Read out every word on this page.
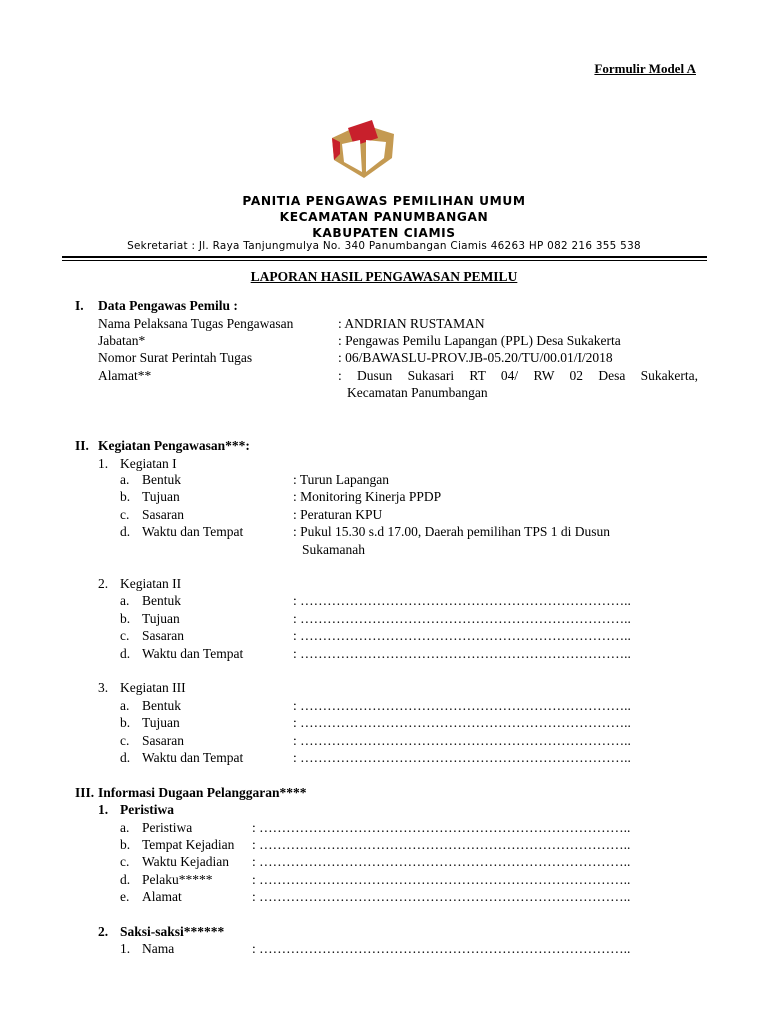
Formulir Model A
PANITIA PENGAWAS PEMILIHAN UMUM
KECAMATAN PANUMBANGAN
KABUPATEN CIAMIS
Sekretariat : Jl. Raya Tanjungmulya No. 340 Panumbangan Ciamis 46263 HP 082 216 355 538
LAPORAN HASIL PENGAWASAN PEMILU
I. Data Pengawas Pemilu :
Nama Pelaksana Tugas Pengawasan	: ANDRIAN RUSTAMAN
Jabatan*	: Pengawas Pemilu Lapangan (PPL) Desa Sukakerta
Nomor Surat Perintah Tugas	: 06/BAWASLU-PROV.JB-05.20/TU/00.01/I/2018
Alamat**	: Dusun Sukasari RT 04/ RW 02 Desa Sukakerta,
Kecamatan Panumbangan
II. Kegiatan Pengawasan***:
1. Kegiatan I
a. Bentuk	: Turun Lapangan
b. Tujuan	: Monitoring Kinerja PPDP
c. Sasaran	: Peraturan KPU
d. Waktu dan Tempat	: Pukul 15.30 s.d 17.00, Daerah pemilihan TPS 1 di Dusun
Sukamanah
2. Kegiatan II
a. Bentuk	: ………………………………………………………………..
b. Tujuan	: ………………………………………………………………..
c. Sasaran	: ………………………………………………………………..
d. Waktu dan Tempat	: ………………………………………………………………..
3. Kegiatan III
a. Bentuk	: ………………………………………………………………..
b. Tujuan	: ………………………………………………………………..
c. Sasaran	: ………………………………………………………………..
d. Waktu dan Tempat	: ………………………………………………………………..
III. Informasi Dugaan Pelanggaran****
1. Peristiwa
a. Peristiwa	: ………………………………………………………………………..
b. Tempat Kejadian : ………………………………………………………………………..
c. Waktu Kejadian : ………………………………………………………………………..
d. Pelaku*****	: ………………………………………………………………………..
e. Alamat	: ………………………………………………………………………..
2. Saksi-saksi******
1. Nama	: ………………………………………………………………………..
